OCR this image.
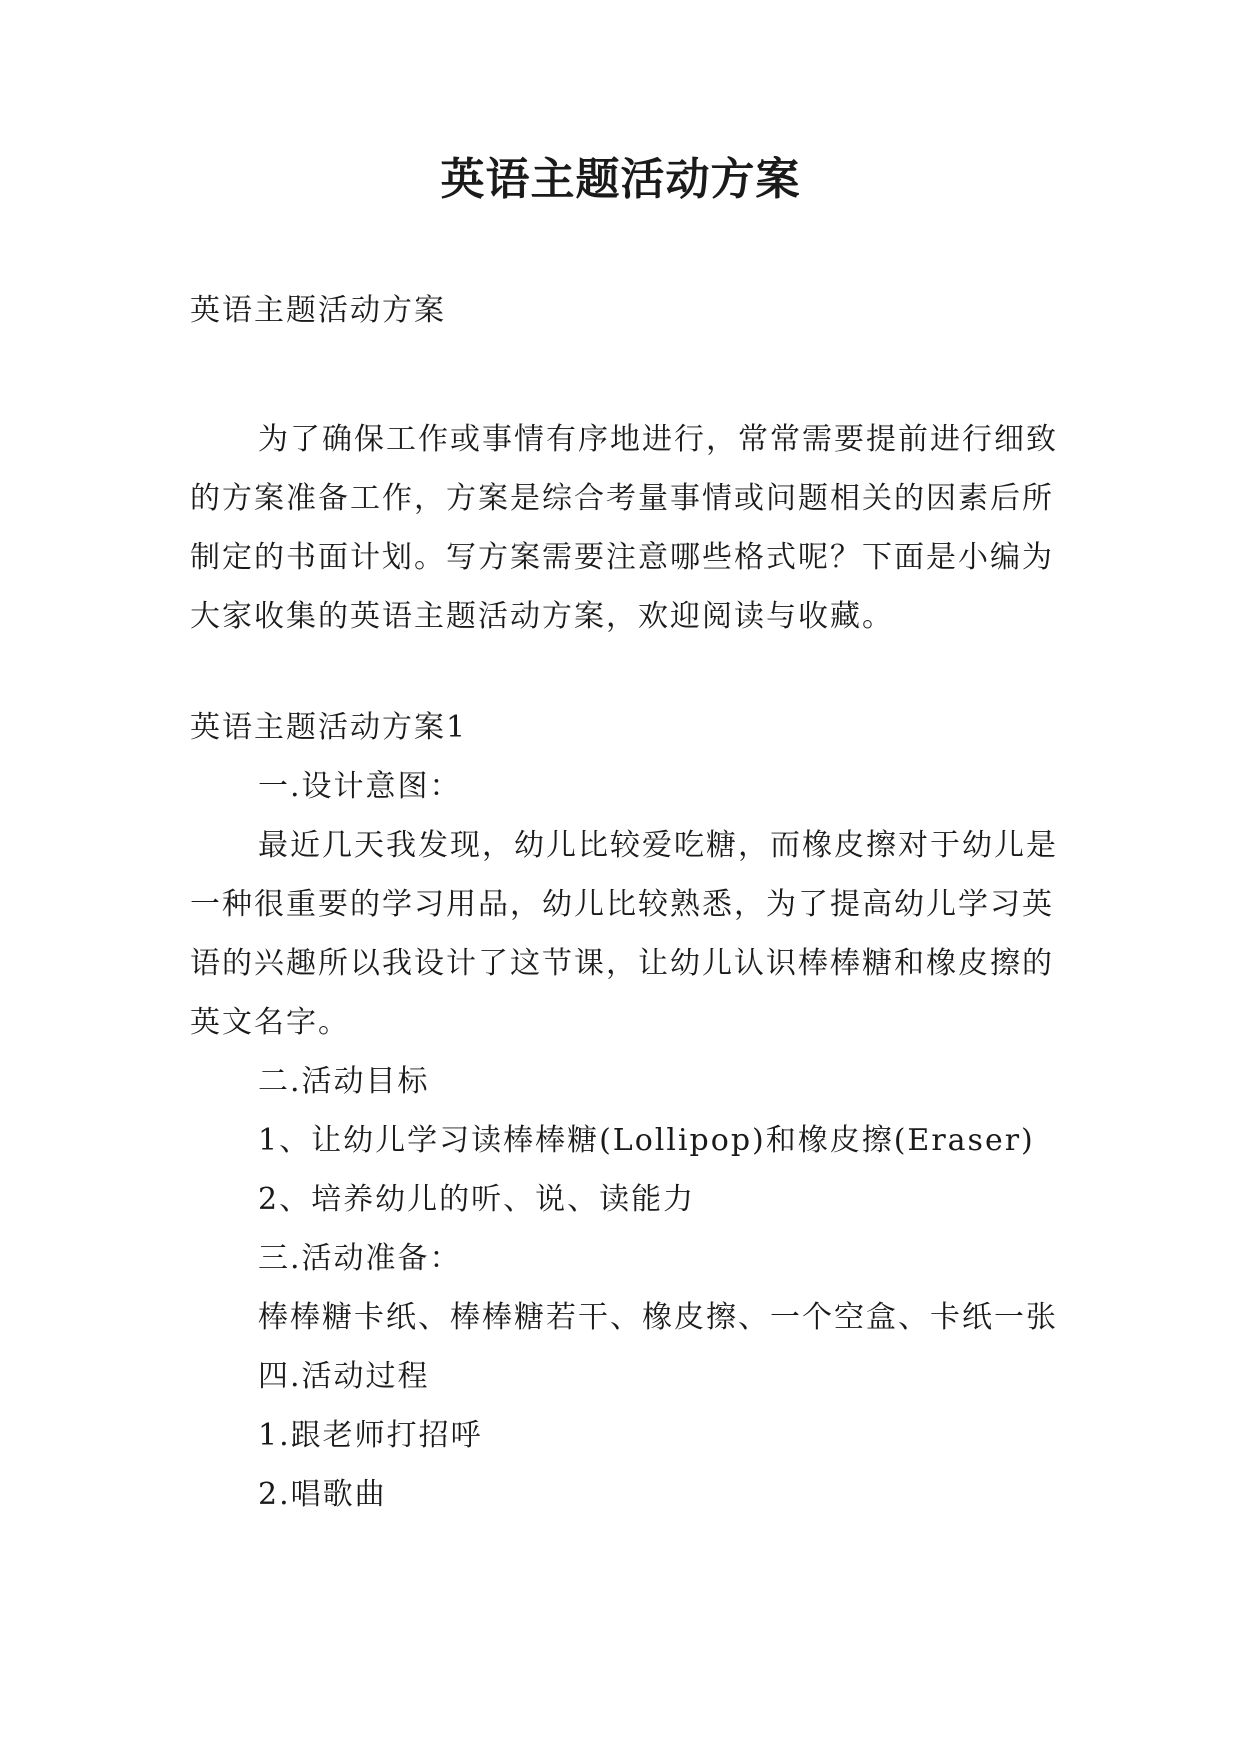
英语主题活动方案

英语主题活动方案

为了确保工作或事情有序地进行，常常需要提前进行细致的方案准备工作，方案是综合考量事情或问题相关的因素后所制定的书面计划。写方案需要注意哪些格式呢？下面是小编为大家收集的英语主题活动方案，欢迎阅读与收藏。

英语主题活动方案1

一.设计意图：

最近几天我发现，幼儿比较爱吃糖，而橡皮擦对于幼儿是一种很重要的学习用品，幼儿比较熟悉，为了提高幼儿学习英语的兴趣所以我设计了这节课，让幼儿认识棒棒糖和橡皮擦的英文名字。

二.活动目标

1、让幼儿学习读棒棒糖(Lollipop)和橡皮擦(Eraser)

2、培养幼儿的听、说、读能力

三.活动准备：

棒棒糖卡纸、棒棒糖若干、橡皮擦、一个空盒、卡纸一张

四.活动过程

1.跟老师打招呼

2.唱歌曲
